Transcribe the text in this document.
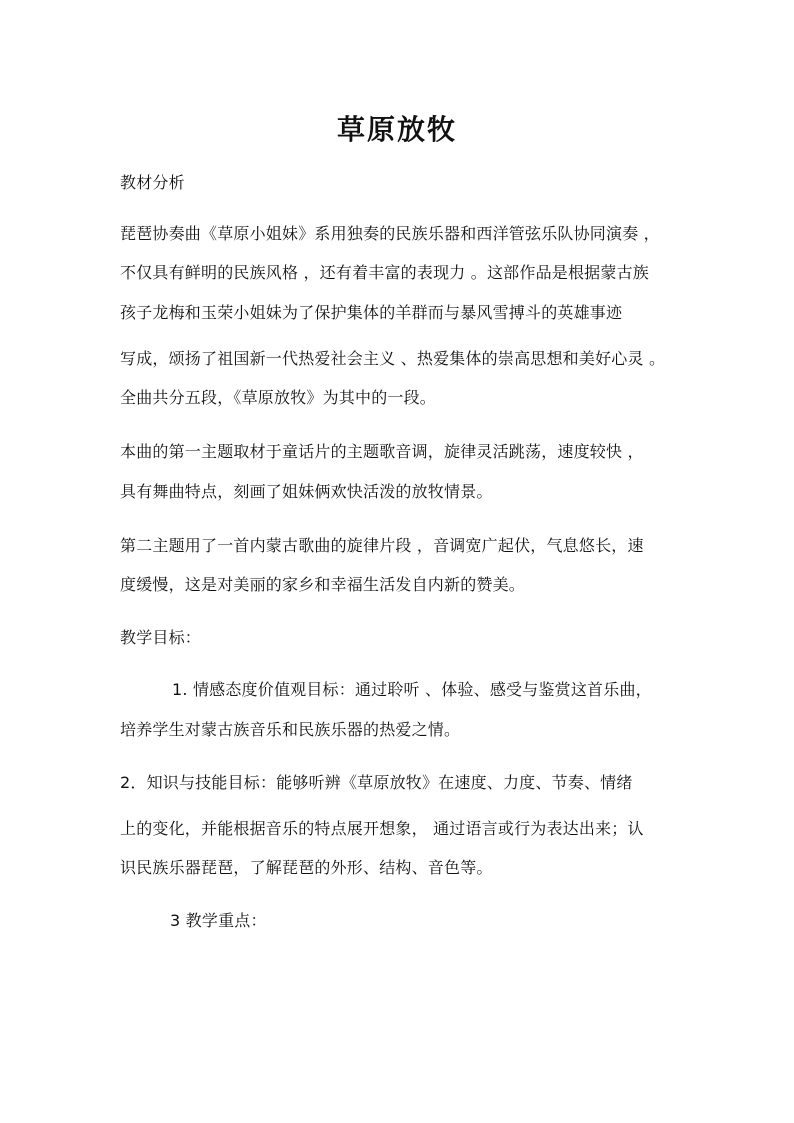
草原放牧
教材分析
琵琶协奏曲《草原小姐妹》系用独奏的民族乐器和西洋管弦乐队协同演奏 ，
不仅具有鲜明的民族风格 ，还有着丰富的表现力 。这部作品是根据蒙古族
孩子龙梅和玉荣小姐妹为了保护集体的羊群而与暴风雪搏斗的英雄事迹
写成，颂扬了祖国新一代热爱社会主义 、热爱集体的崇高思想和美好心灵 。
全曲共分五段，《草原放牧》为其中的一段。
本曲的第一主题取材于童话片的主题歌音调，旋律灵活跳荡，速度较快 ，
具有舞曲特点，刻画了姐妹俩欢快活泼的放牧情景。
第二主题用了一首内蒙古歌曲的旋律片段 ，音调宽广起伏，气息悠长，速
度缓慢，这是对美丽的家乡和幸福生活发自内新的赞美。
教学目标：
1. 情感态度价值观目标：通过聆听 、体验、感受与鉴赏这首乐曲，
培养学生对蒙古族音乐和民族乐器的热爱之情。
2．知识与技能目标：能够听辨《草原放牧》在速度、力度、节奏、情绪
上的变化，并能根据音乐的特点展开想象， 通过语言或行为表达出来；认
识民族乐器琵琶，了解琵琶的外形、结构、音色等。
3 教学重点：
